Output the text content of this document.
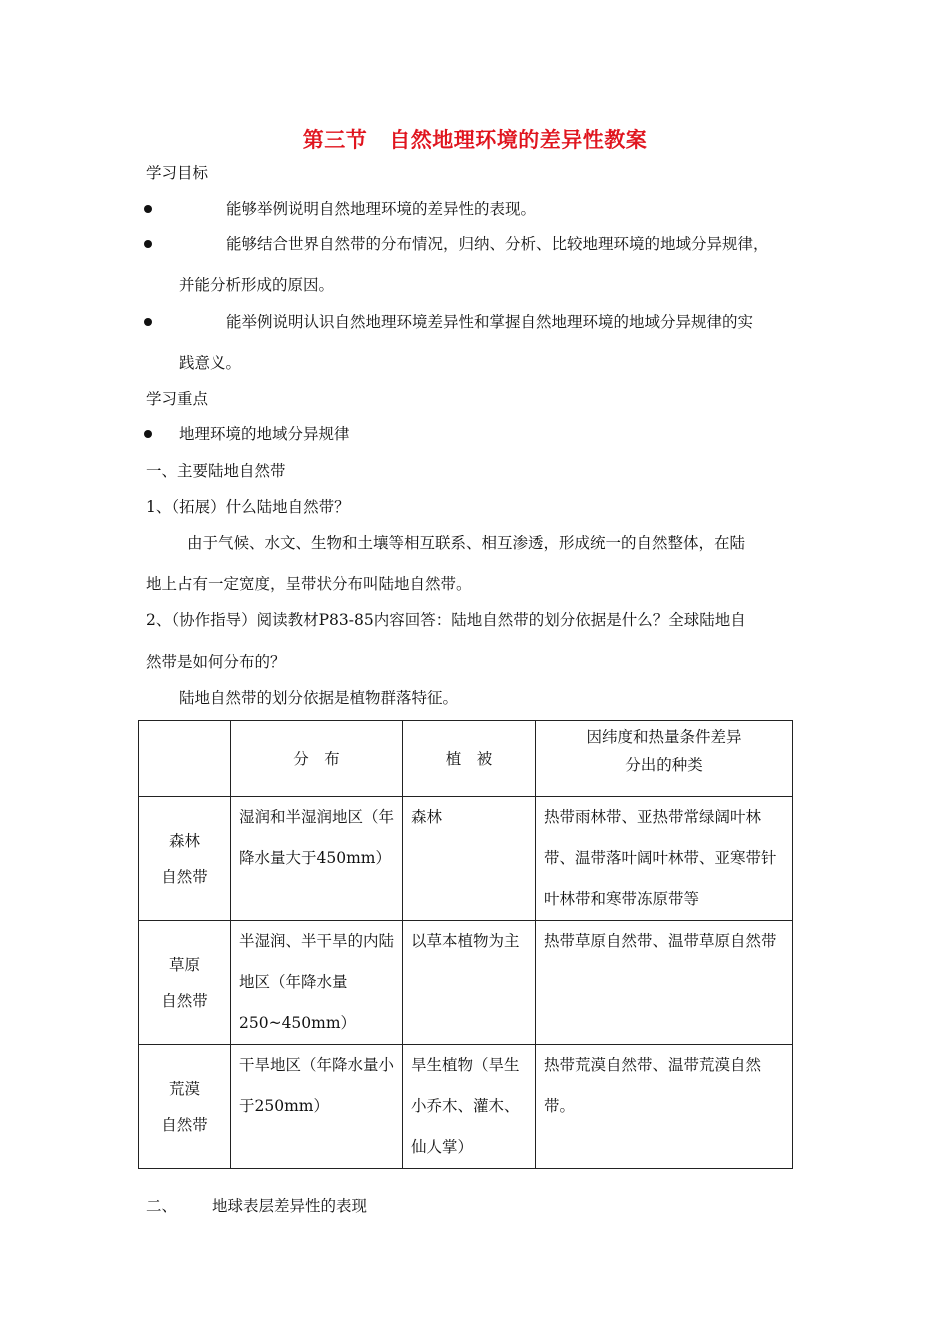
第三节 自然地理环境的差异性教案
学习目标
能够举例说明自然地理环境的差异性的表现。
能够结合世界自然带的分布情况，归纳、分析、比较地理环境的地域分异规律，
并能分析形成的原因。
能举例说明认识自然地理环境差异性和掌握自然地理环境的地域分异规律的实
践意义。
学习重点
地理环境的地域分异规律
一、主要陆地自然带
1、（拓展）什么陆地自然带？
由于气候、水文、生物和土壤等相互联系、相互渗透，形成统一的自然整体，在陆
地上占有一定宽度，呈带状分布叫陆地自然带。
2、（协作指导）阅读教材P83-85内容回答：陆地自然带的划分依据是什么？全球陆地自
然带是如何分布的？
陆地自然带的划分依据是植物群落特征。
	分　布	植　被	因纬度和热量条件差异
分出的种类

森林
自然带	湿润和半湿润地区（年降水量大于450mm）	森林	热带雨林带、亚热带常绿阔叶林带、温带落叶阔叶林带、亚寒带针叶林带和寒带冻原带等

草原
自然带	半湿润、半干旱的内陆地区（年降水量250~450mm）	以草本植物为主	热带草原自然带、温带草原自然带

荒漠
自然带	干旱地区（年降水量小于250mm）	旱生植物（旱生小乔木、灌木、仙人掌）	热带荒漠自然带、温带荒漠自然带。
二、 地球表层差异性的表现
